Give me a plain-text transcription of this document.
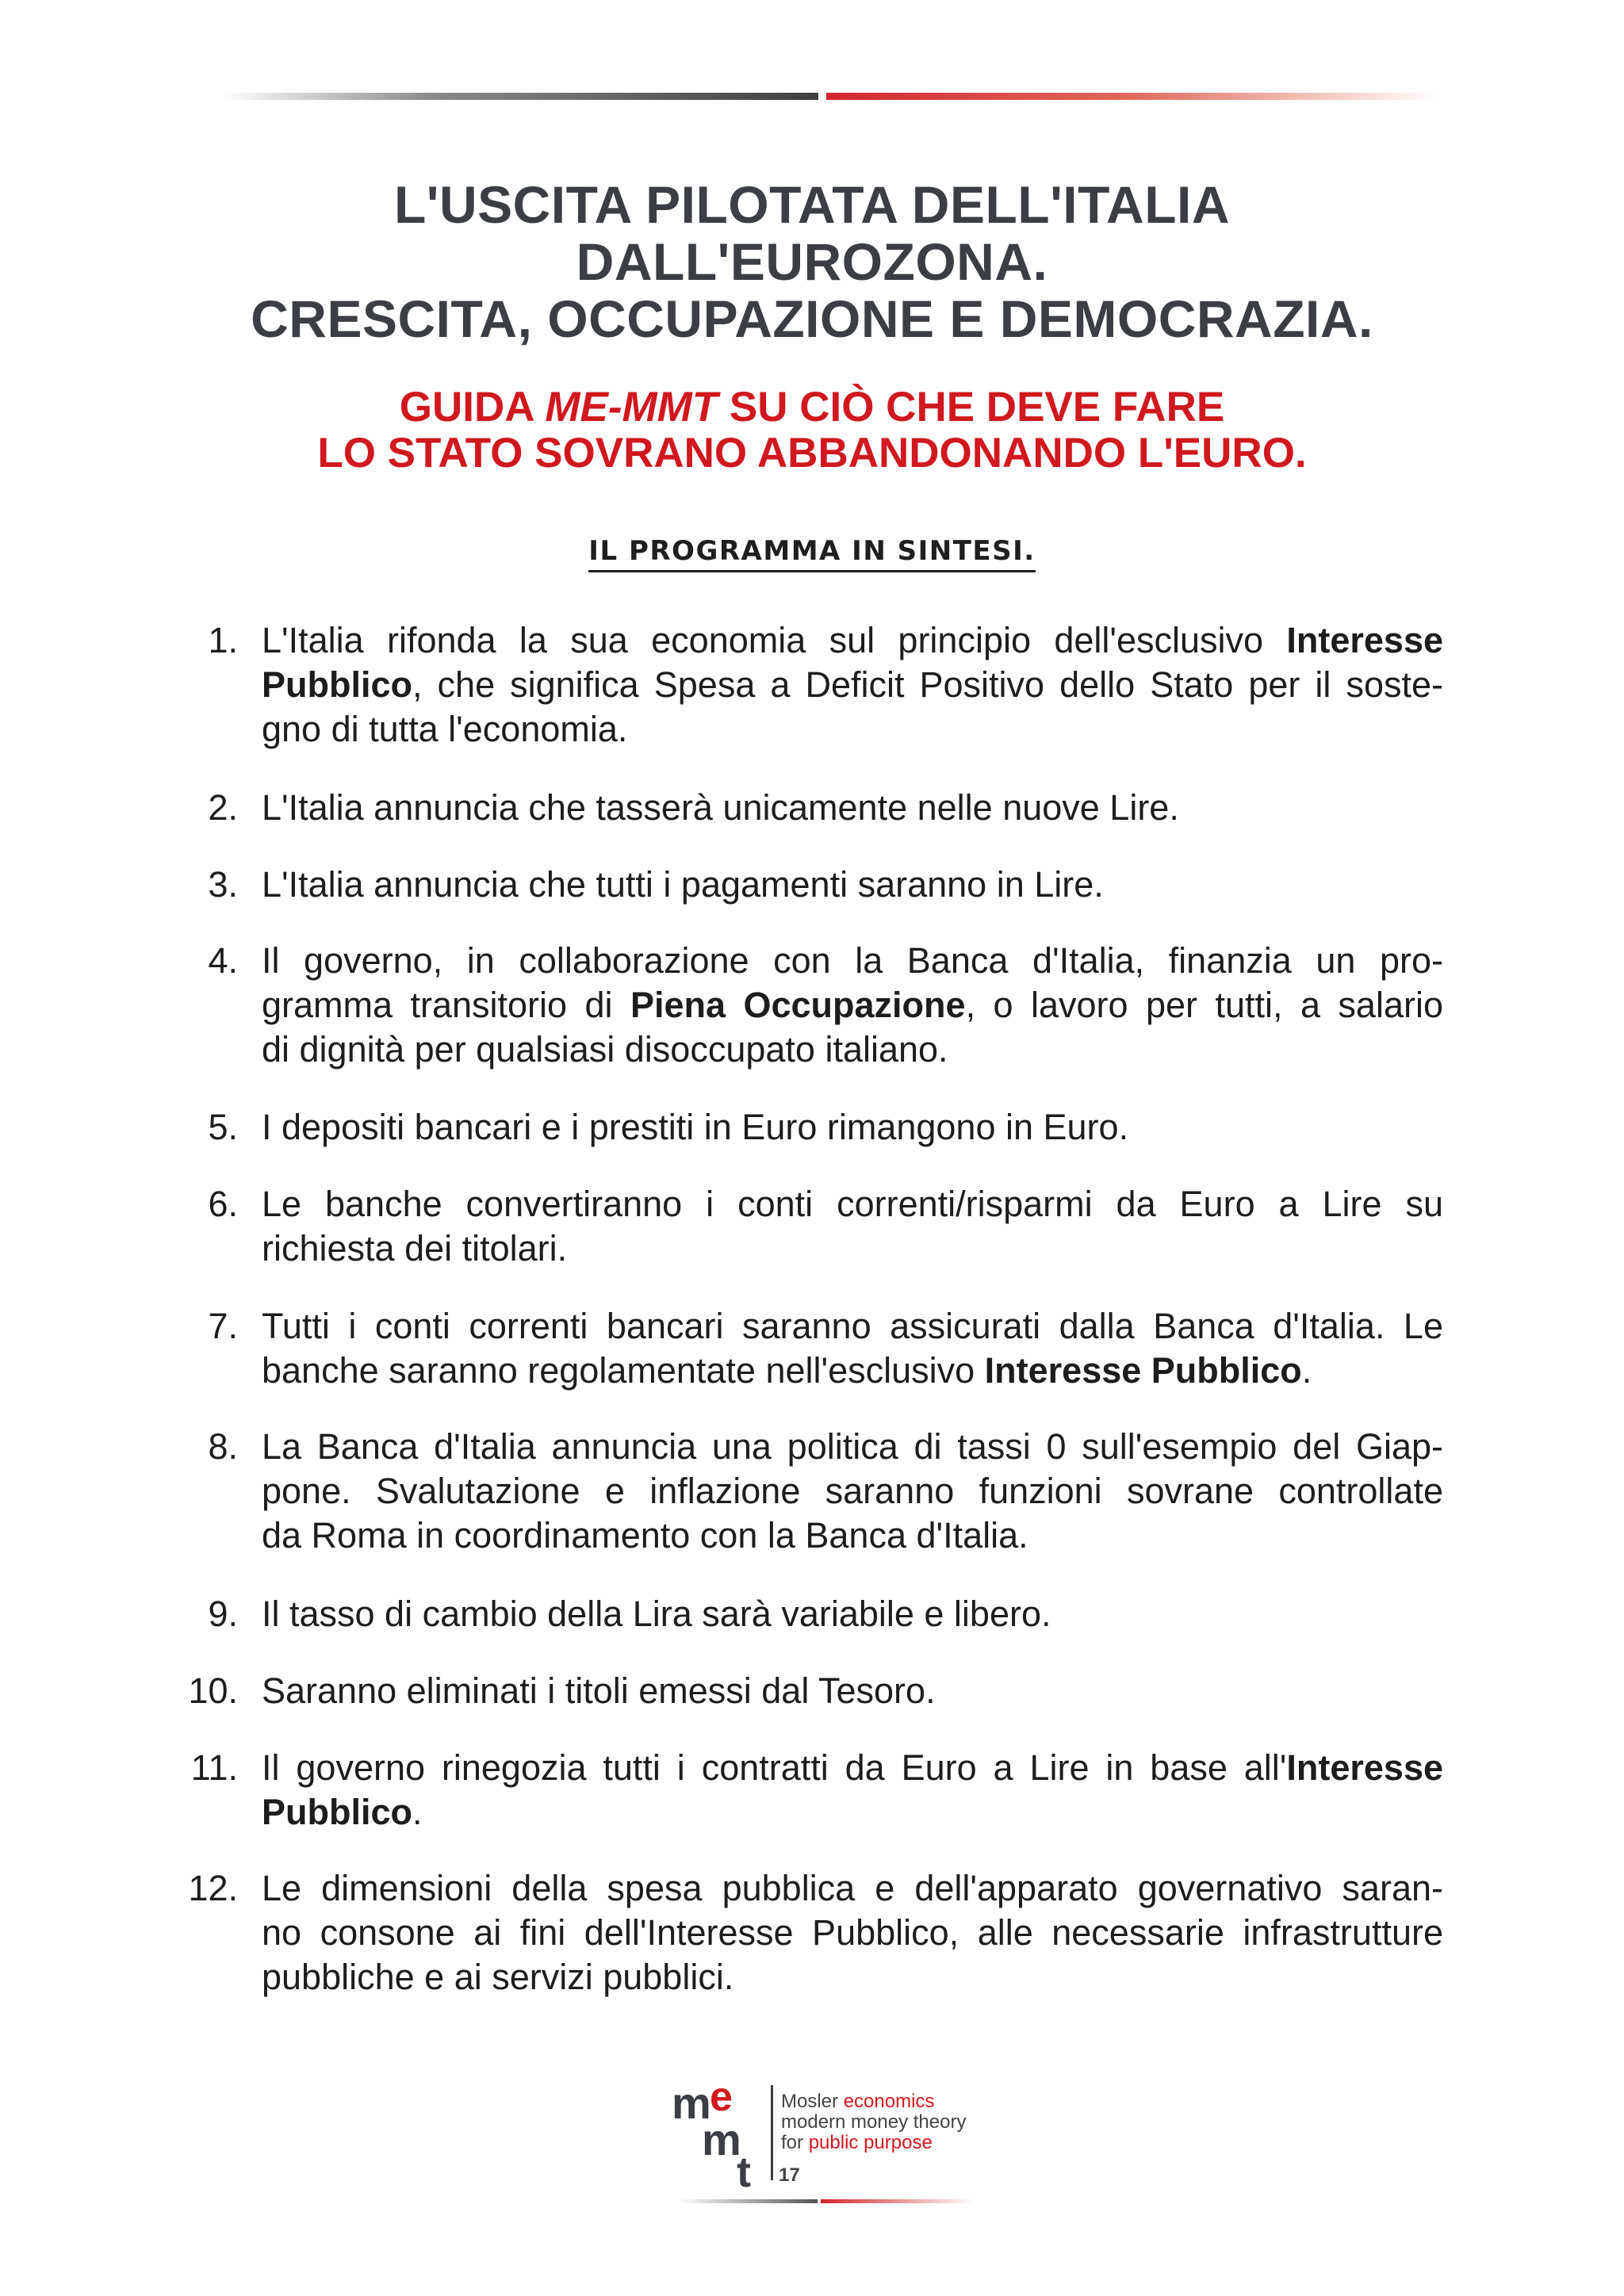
L'USCITA PILOTATA DELL'ITALIA
DALL'EUROZONA.
CRESCITA, OCCUPAZIONE E DEMOCRAZIA.
GUIDA ME-MMT SU CIÒ CHE DEVE FARE
LO STATO SOVRANO ABBANDONANDO L'EURO.
IL PROGRAMMA IN SINTESI.
1. L'Italia rifonda la sua economia sul principio dell'esclusivo Interesse
Pubblico, che significa Spesa a Deficit Positivo dello Stato per il soste-
gno di tutta l'economia.
2. L'Italia annuncia che tasserà unicamente nelle nuove Lire.
3. L'Italia annuncia che tutti i pagamenti saranno in Lire.
4. Il governo, in collaborazione con la Banca d'Italia, finanzia un pro-
gramma transitorio di Piena Occupazione, o lavoro per tutti, a salario
di dignità per qualsiasi disoccupato italiano.
5. I depositi bancari e i prestiti in Euro rimangono in Euro.
6. Le banche convertiranno i conti correnti/risparmi da Euro a Lire su
richiesta dei titolari.
7. Tutti i conti correnti bancari saranno assicurati dalla Banca d'Italia. Le
banche saranno regolamentate nell'esclusivo Interesse Pubblico.
8. La Banca d'Italia annuncia una politica di tassi 0 sull'esempio del Giap-
pone. Svalutazione e inflazione saranno funzioni sovrane controllate
da Roma in coordinamento con la Banca d'Italia.
9. Il tasso di cambio della Lira sarà variabile e libero.
10. Saranno eliminati i titoli emessi dal Tesoro.
11. Il governo rinegozia tutti i contratti da Euro a Lire in base all'Interesse
Pubblico.
12. Le dimensioni della spesa pubblica e dell'apparato governativo saran-
no consone ai fini dell'Interesse Pubblico, alle necessarie infrastrutture
pubbliche e ai servizi pubblici.
m
e
m
t
Mosler economics
modern money theory
for public purpose
17
